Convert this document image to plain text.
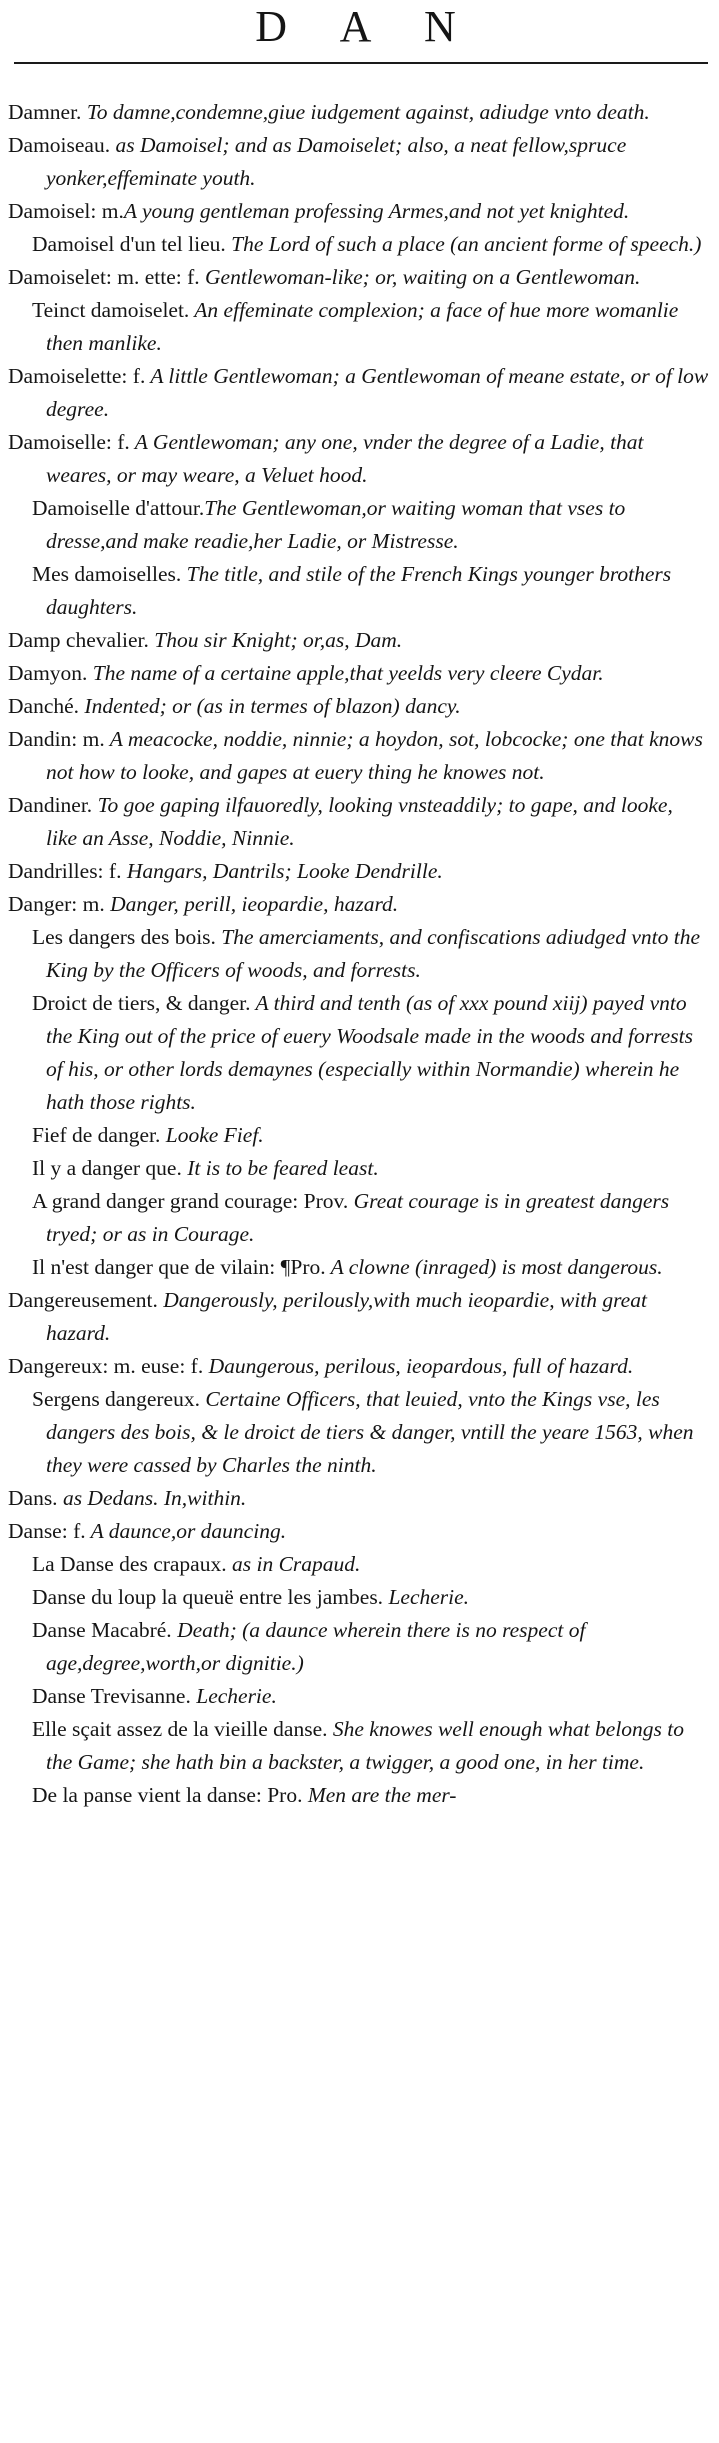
D A N

Damner. To damne,condemne,giue iudgement against, adiudge vnto death.

Damoiseau. as Damoisel; and as Damoiselet; also, a neat fellow,spruce yonker,effeminate youth.

Damoisel: m.A young gentleman professing Armes,and not yet knighted.

Damoisel d'un tel lieu. The Lord of such a place (an ancient forme of speech.)

Damoiselet: m. ette: f. Gentlewoman-like; or, waiting on a Gentlewoman.

Teinct damoiselet. An effeminate complexion; a face of hue more womanlie then manlike.

Damoiselette: f. A little Gentlewoman; a Gentlewoman of meane estate, or of low degree.

Damoiselle: f. A Gentlewoman; any one, vnder the degree of a Ladie, that weares, or may weare, a Veluet hood.

Damoiselle d'attour.The Gentlewoman,or waiting woman that vses to dresse,and make readie,her Ladie, or Mistresse.

Mes damoiselles. The title, and stile of the French Kings younger brothers daughters.

Damp chevalier. Thou sir Knight; or,as, Dam.

Damyon. The name of a certaine apple,that yeelds very cleere Cydar.

Danché. Indented; or (as in termes of blazon) dancy.

Dandin: m. A meacocke, noddie, ninnie; a hoydon, sot, lobcocke; one that knows not how to looke, and gapes at euery thing he knowes not.

Dandiner. To goe gaping ilfauoredly, looking vnsteaddily; to gape, and looke, like an Asse, Noddie, Ninnie.

Dandrilles: f. Hangars, Dantrils; Looke Dendrille.

Danger: m. Danger, perill, ieopardie, hazard.

Les dangers des bois. The amerciaments, and confiscations adiudged vnto the King by the Officers of woods, and forrests.

Droict de tiers, & danger. A third and tenth (as of xxx pound xiij) payed vnto the King out of the price of euery Woodsale made in the woods and forrests of his, or other lords demaynes (especially within Normandie) wherein he hath those rights.

Fief de danger. Looke Fief.

Il y a danger que. It is to be feared least.

A grand danger grand courage: Prov. Great courage is in greatest dangers tryed; or as in Courage.

Il n'est danger que de vilain: ¶Pro. A clowne (inraged) is most dangerous.

Dangereusement. Dangerously, perilously,with much ieopardie, with great hazard.

Dangereux: m. euse: f. Daungerous, perilous, ieopardous, full of hazard.

Sergens dangereux. Certaine Officers, that leuied, vnto the Kings vse, les dangers des bois, & le droict de tiers & danger, vntill the yeare 1563, when they were cassed by Charles the ninth.

Dans. as Dedans. In,within.

Danse: f. A daunce,or dauncing.

La Danse des crapaux. as in Crapaud.

Danse du loup la queuë entre les jambes. Lecherie.

Danse Macabré. Death; (a daunce wherein there is no respect of age,degree,worth,or dignitie.)

Danse Trevisanne. Lecherie.

Elle sçait assez de la vieille danse. She knowes well enough what belongs to the Game; she hath bin a backster, a twigger, a good one, in her time.

De la panse vient la danse: Pro. Men are the mer-
